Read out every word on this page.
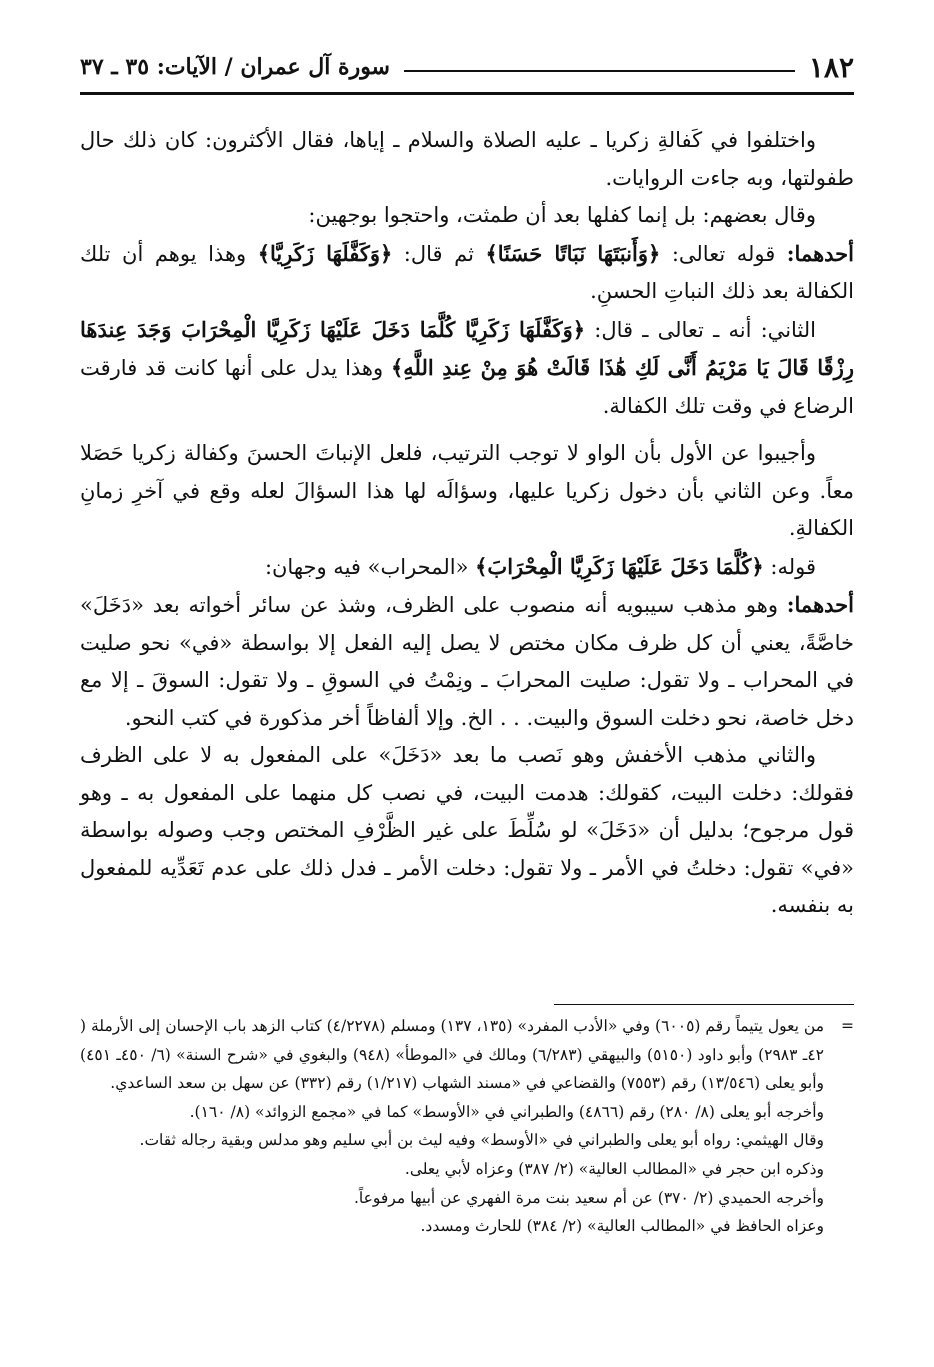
١٨٢
سورة آل عمران / الآيات: ٣٥ ـ ٣٧

واختلفوا في كَفالةِ زكريا ـ عليه الصلاة والسلام ـ إياها، فقال الأكثرون: كان ذلك حال طفولتها، وبه جاءت الروايات.

وقال بعضهم: بل إنما كفلها بعد أن طمثت، واحتجوا بوجهين:

أحدهما: قوله تعالى: ﴿وَأَنبَتَهَا نَبَاتًا حَسَنًا﴾ ثم قال: ﴿وَكَفَّلَهَا زَكَرِيَّا﴾ وهذا يوهم أن تلك الكفالة بعد ذلك النباتِ الحسنِ.

الثاني: أنه ـ تعالى ـ قال: ﴿وَكَفَّلَهَا زَكَرِيَّا كُلَّمَا دَخَلَ عَلَيْهَا زَكَرِيَّا الْمِحْرَابَ وَجَدَ عِندَهَا رِزْقًا قَالَ يَا مَرْيَمُ أَنَّى لَكِ هَٰذَا قَالَتْ هُوَ مِنْ عِندِ اللَّهِ﴾ وهذا يدل على أنها كانت قد فارقت الرضاع في وقت تلك الكفالة.

وأجيبوا عن الأول بأن الواو لا توجب الترتيب، فلعل الإنباتَ الحسنَ وكفالة زكريا حَصَلا معاً. وعن الثاني بأن دخول زكريا عليها، وسؤالَه لها هذا السؤالَ لعله وقع في آخرِ زمانِ الكفالةِ.

قوله: ﴿كُلَّمَا دَخَلَ عَلَيْهَا زَكَرِيَّا الْمِحْرَابَ﴾ «المحراب» فيه وجهان:

أحدهما: وهو مذهب سيبويه أنه منصوب على الظرف، وشذ عن سائر أخواته بعد «دَخَلَ» خاصَّةً، يعني أن كل ظرف مكان مختص لا يصل إليه الفعل إلا بواسطة «في» نحو صليت في المحراب ـ ولا تقول: صليت المحرابَ ـ ونِمْتُ في السوقِ ـ ولا تقول: السوقَ ـ إلا مع دخل خاصة، نحو دخلت السوق والبيت. . . الخ. وإلا ألفاظاً أخر مذكورة في كتب النحو.

والثاني مذهب الأخفش وهو نَصب ما بعد «دَخَلَ» على المفعول به لا على الظرف فقولك: دخلت البيت، كقولك: هدمت البيت، في نصب كل منهما على المفعول به ـ وهو قول مرجوح؛ بدليل أن «دَخَلَ» لو سُلِّطَ على غير الظَّرْفِ المختص وجب وصوله بواسطة «في» تقول: دخلتُ في الأمر ـ ولا تقول: دخلت الأمر ـ فدل ذلك على عدم تَعَدِّيه للمفعول به بنفسه.

=
من يعول يتيماً رقم (٦٠٠٥) وفي «الأدب المفرد» (١٣٥، ١٣٧) ومسلم (٤/٢٢٧٨) كتاب الزهد باب الإحسان إلى الأرملة ( ٤٢ـ ٢٩٨٣) وأبو داود (٥١٥٠) والبيهقي (٦/٢٨٣) ومالك في «الموطأ» (٩٤٨) والبغوي في «شرح السنة» (٦/ ٤٥٠ـ ٤٥١) وأبو يعلى (١٣/٥٤٦) رقم (٧٥٥٣) والقضاعي في «مسند الشهاب (١/٢١٧) رقم (٣٣٢) عن سهل بن سعد الساعدي.

وأخرجه أبو يعلى (٨/ ٢٨٠) رقم (٤٨٦٦) والطبراني في «الأوسط» كما في «مجمع الزوائد» (٨/ ١٦٠).

وقال الهيثمي: رواه أبو يعلى والطبراني في «الأوسط» وفيه ليث بن أبي سليم وهو مدلس وبقية رجاله ثقات.

وذكره ابن حجر في «المطالب العالية» (٢/ ٣٨٧) وعزاه لأبي يعلى.

وأخرجه الحميدي (٢/ ٣٧٠) عن أم سعيد بنت مرة الفهري عن أبيها مرفوعاً.

وعزاه الحافظ في «المطالب العالية» (٢/ ٣٨٤) للحارث ومسدد.
